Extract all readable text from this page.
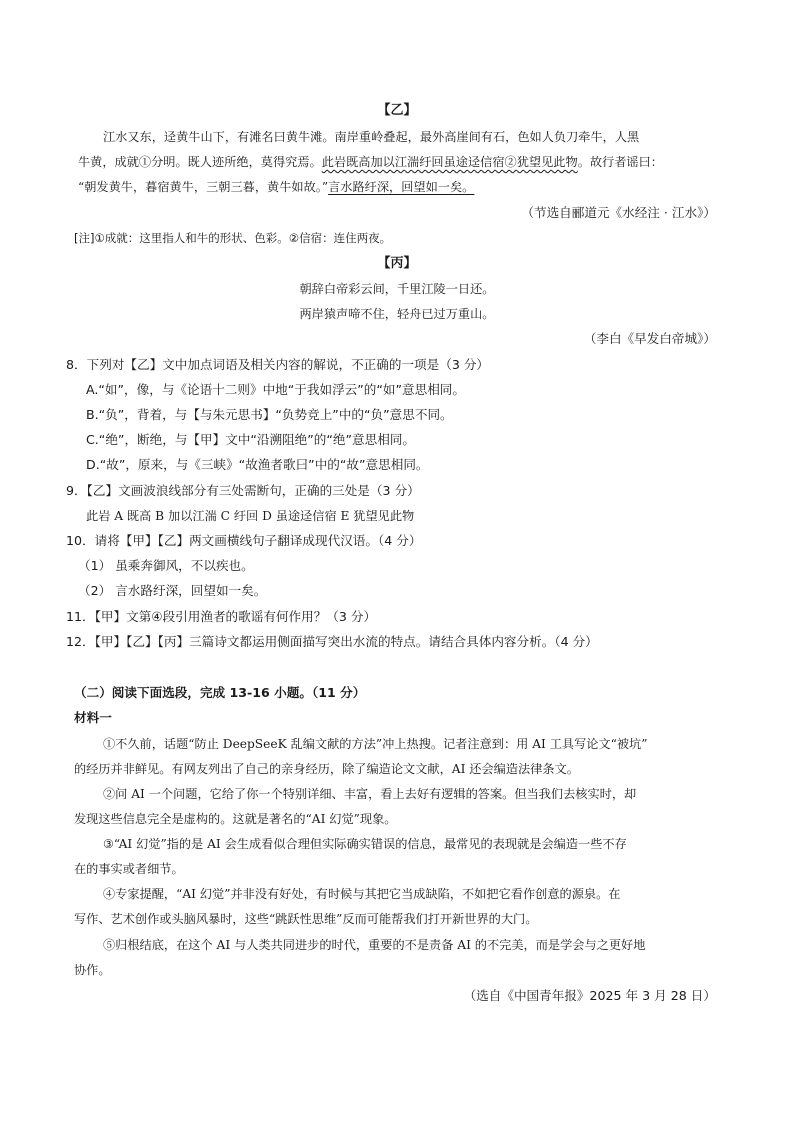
【乙】
江水又东，迳黄牛山下，有滩名曰黄牛滩。南岸重岭叠起，最外高崖间有石，色如人负刀牵牛，人黑
牛黄，成就①分明。既人迹所绝，莫得究焉。此岩既高加以江湍纡回虽途迳信宿②犹望见此物。故行者谣曰：
“朝发黄牛，暮宿黄牛，三朝三暮，黄牛如故。”言水路纡深，回望如一矣。
（节选自郦道元《水经注 · 江水》）
[注]①成就：这里指人和牛的形状、色彩。②信宿：连住两夜。
【丙】
朝辞白帝彩云间，千里江陵一日还。
两岸猿声啼不住，轻舟已过万重山。
（李白《早发白帝城》）
8．下列对【乙】文中加点词语及相关内容的解说，不正确的一项是（3 分）
A.“如”，像，与《论语十二则》中地“于我如浮云”的“如”意思相同。
B.“负”，背着，与【与朱元思书】“负势竞上”中的“负”意思不同。
C.“绝”，断绝，与【甲】文中“沿溯阻绝”的“绝”意思相同。
D.“故”，原来，与《三峡》“故渔者歌曰”中的“故”意思相同。
9．【乙】文画波浪线部分有三处需断句，正确的三处是（3 分）
此岩 A 既高 B 加以江湍 C 纡回 D 虽途迳信宿 E 犹望见此物
10．请将【甲】【乙】两文画横线句子翻译成现代汉语。（4 分）
（1） 虽乘奔御风，不以疾也。
（2） 言水路纡深，回望如一矣。
11．【甲】文第④段引用渔者的歌谣有何作用？（3 分）
12．【甲】【乙】【丙】三篇诗文都运用侧面描写突出水流的特点。请结合具体内容分析。（4 分）
（二）阅读下面选段，完成 13-16 小题。（11 分）
材料一
①不久前，话题“防止 DeepSeeK 乱编文献的方法”冲上热搜。记者注意到：用 AI 工具写论文“被坑”
的经历并非鲜见。有网友列出了自己的亲身经历，除了编造论文文献，AI 还会编造法律条文。
②问 AI 一个问题，它给了你一个特别详细、丰富，看上去好有逻辑的答案。但当我们去核实时，却
发现这些信息完全是虚构的。这就是著名的“AI 幻觉”现象。
③“AI 幻觉”指的是 AI 会生成看似合理但实际确实错误的信息，最常见的表现就是会编造一些不存
在的事实或者细节。
④专家提醒，“AI 幻觉”并非没有好处，有时候与其把它当成缺陷，不如把它看作创意的源泉。在
写作、艺术创作或头脑风暴时，这些“跳跃性思维”反而可能帮我们打开新世界的大门。
⑤归根结底，在这个 AI 与人类共同进步的时代，重要的不是责备 AI 的不完美，而是学会与之更好地
协作。
（选自《中国青年报》2025 年 3 月 28 日）
